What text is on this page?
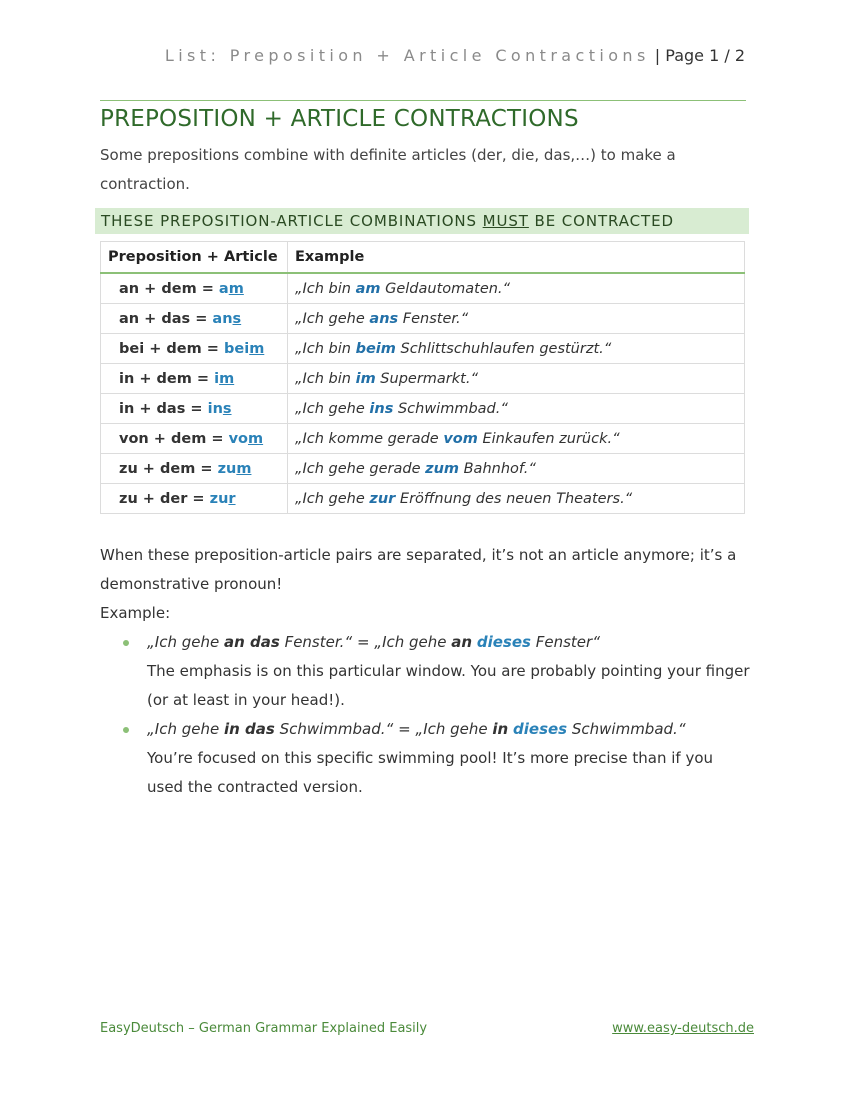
List: Preposition + Article Contractions | Page 1 / 2
PREPOSITION + ARTICLE CONTRACTIONS

Some prepositions combine with definite articles (der, die, das,…) to make a contraction.

THESE PREPOSITION-ARTICLE COMBINATIONS MUST BE CONTRACTED
Preposition + Article	Example
an + dem = am	„Ich bin am Geldautomaten.“
an + das = ans	„Ich gehe ans Fenster.“
bei + dem = beim	„Ich bin beim Schlittschuhlaufen gestürzt.“
in + dem = im	„Ich bin im Supermarkt.“
in + das = ins	„Ich gehe ins Schwimmbad.“
von + dem = vom	„Ich komme gerade vom Einkaufen zurück.“
zu + dem = zum	„Ich gehe gerade zum Bahnhof.“
zu + der = zur	„Ich gehe zur Eröffnung des neuen Theaters.“

When these preposition-article pairs are separated, it’s not an article anymore; it’s a demonstrative pronoun!

Example:

„Ich gehe an das Fenster.“ = „Ich gehe an dieses Fenster“
The emphasis is on this particular window. You are probably pointing your finger (or at least in your head!).
„Ich gehe in das Schwimmbad.“ = „Ich gehe in dieses Schwimmbad.“
You’re focused on this specific swimming pool! It’s more precise than if you used the contracted version.
EasyDeutsch – German Grammar Explained Easily	www.easy-deutsch.de
